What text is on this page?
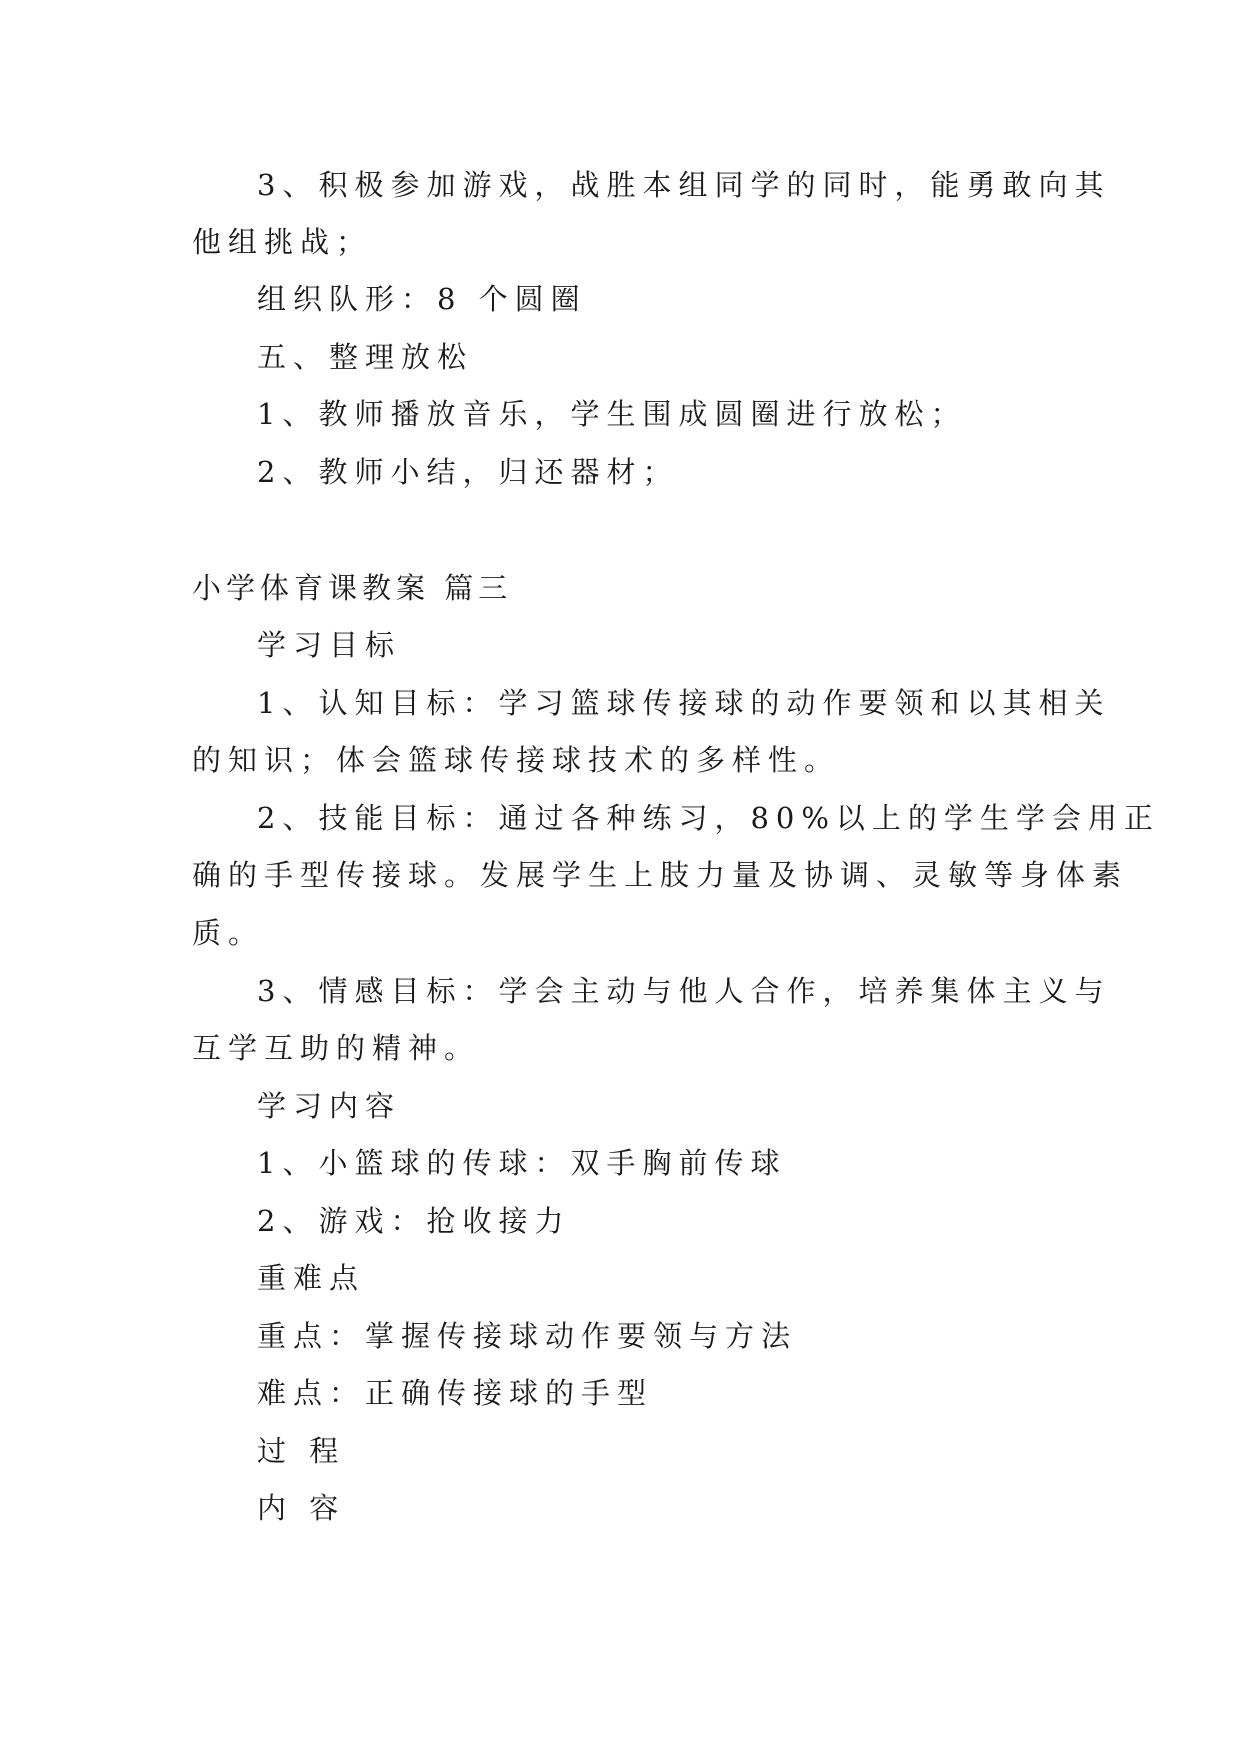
3、积极参加游戏，战胜本组同学的同时，能勇敢向其
他组挑战；
组织队形：8 个圆圈
五、整理放松
1、教师播放音乐，学生围成圆圈进行放松；
2、教师小结，归还器材；
小学体育课教案 篇三
学习目标
1、认知目标：学习篮球传接球的动作要领和以其相关
的知识；体会篮球传接球技术的多样性。
2、技能目标：通过各种练习，80%以上的学生学会用正
确的手型传接球。发展学生上肢力量及协调、灵敏等身体素
质。
3、情感目标：学会主动与他人合作，培养集体主义与
互学互助的精神。
学习内容
1、小篮球的传球：双手胸前传球
2、游戏：抢收接力
重难点
重点：掌握传接球动作要领与方法
难点：正确传接球的手型
过 程
内 容
